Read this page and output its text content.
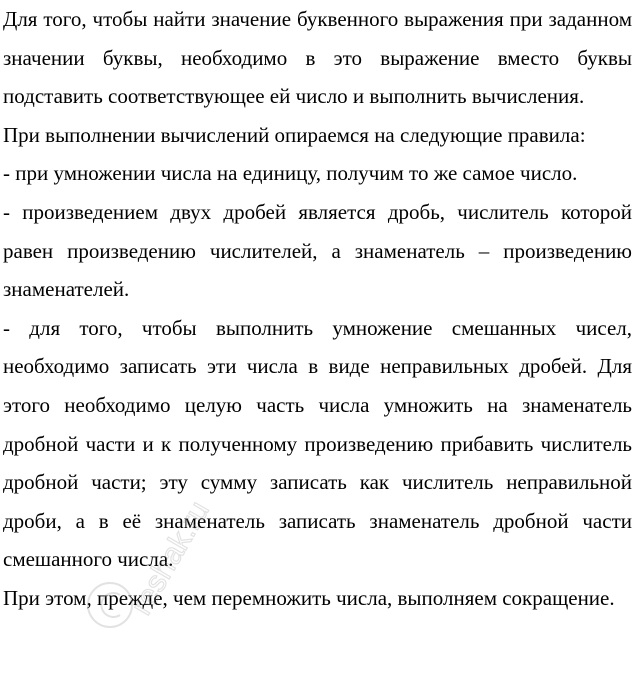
Для того, чтобы найти значение буквенного выражения при заданном значении буквы, необходимо в это выражение вместо буквы подставить соответствующее ей число и выполнить вычисления.

При выполнении вычислений опираемся на следующие правила:

- при умножении числа на единицу, получим то же самое число.

- произведением двух дробей является дробь, числитель которой равен произведению числителей, а знаменатель – произведению знаменателей.

- для того, чтобы выполнить умножение смешанных чисел, необходимо записать эти числа в виде неправильных дробей. Для этого необходимо целую часть числа умножить на знаменатель дробной части и к полученному произведению прибавить числитель дробной части; эту сумму записать как числитель неправильной дроби, а в её знаменатель записать знаменатель дробной части смешанного числа.

При этом, прежде, чем перемножить числа, выполняем сокращение.

reshak.ru
